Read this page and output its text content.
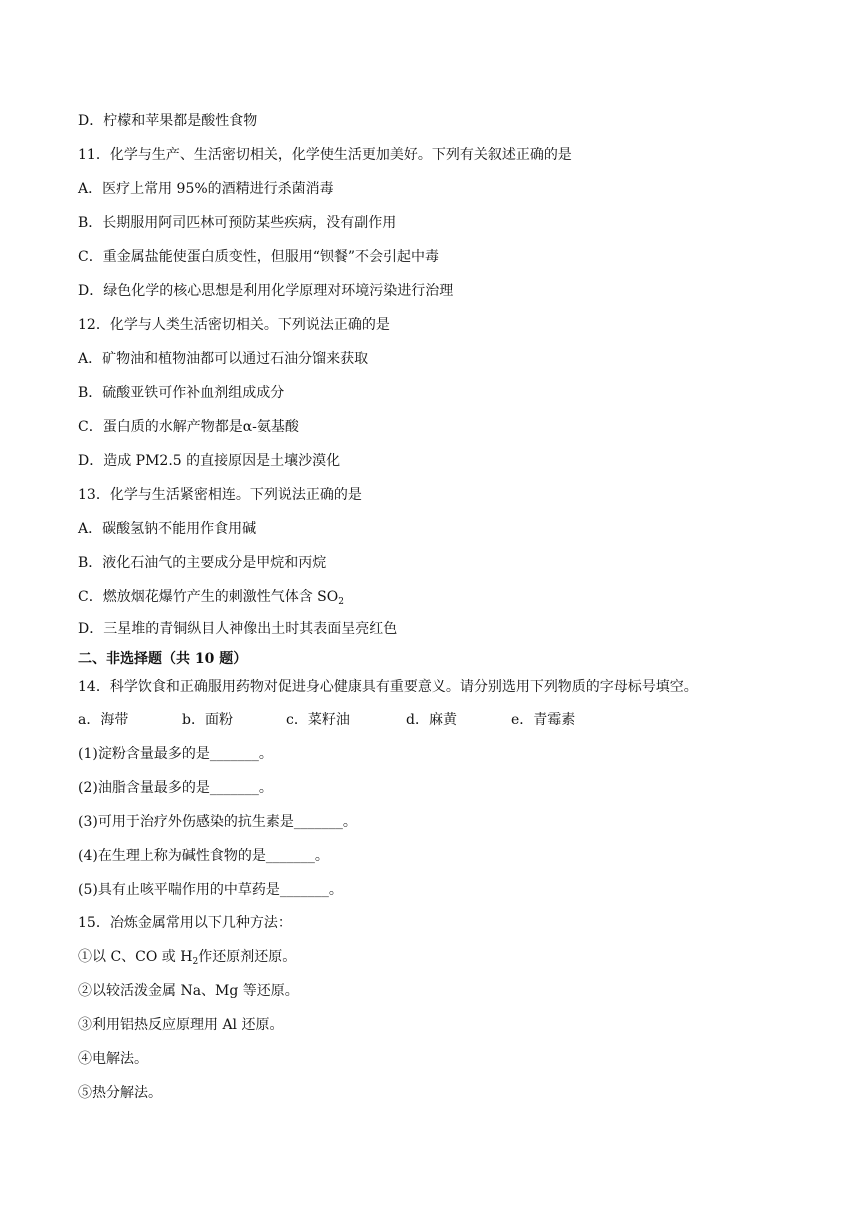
D．柠檬和苹果都是酸性食物
11．化学与生产、生活密切相关，化学使生活更加美好。下列有关叙述正确的是
A．医疗上常用 95%的酒精进行杀菌消毒
B．长期服用阿司匹林可预防某些疾病，没有副作用
C．重金属盐能使蛋白质变性，但服用“钡餐”不会引起中毒
D．绿色化学的核心思想是利用化学原理对环境污染进行治理
12．化学与人类生活密切相关。下列说法正确的是
A．矿物油和植物油都可以通过石油分馏来获取
B．硫酸亚铁可作补血剂组成成分
C．蛋白质的水解产物都是α-氨基酸
D．造成 PM2.5 的直接原因是土壤沙漠化
13．化学与生活紧密相连。下列说法正确的是
A．碳酸氢钠不能用作食用碱
B．液化石油气的主要成分是甲烷和丙烷
C．燃放烟花爆竹产生的刺激性气体含 $SO_2$
D．三星堆的青铜纵目人神像出土时其表面呈亮红色
二、非选择题（共 10 题）
14．科学饮食和正确服用药物对促进身心健康具有重要意义。请分别选用下列物质的字母标号填空。
a．海带	b．面粉	c．菜籽油	d．麻黄	e．青霉素
(1)淀粉含量最多的是_______。
(2)油脂含量最多的是_______。
(3)可用于治疗外伤感染的抗生素是_______。
(4)在生理上称为碱性食物的是_______。
(5)具有止咳平喘作用的中草药是_______。
15．冶炼金属常用以下几种方法：
①以 C、CO 或 $H_2$作还原剂还原。
②以较活泼金属 Na、Mg 等还原。
③利用铝热反应原理用 Al 还原。
④电解法。
⑤热分解法。
